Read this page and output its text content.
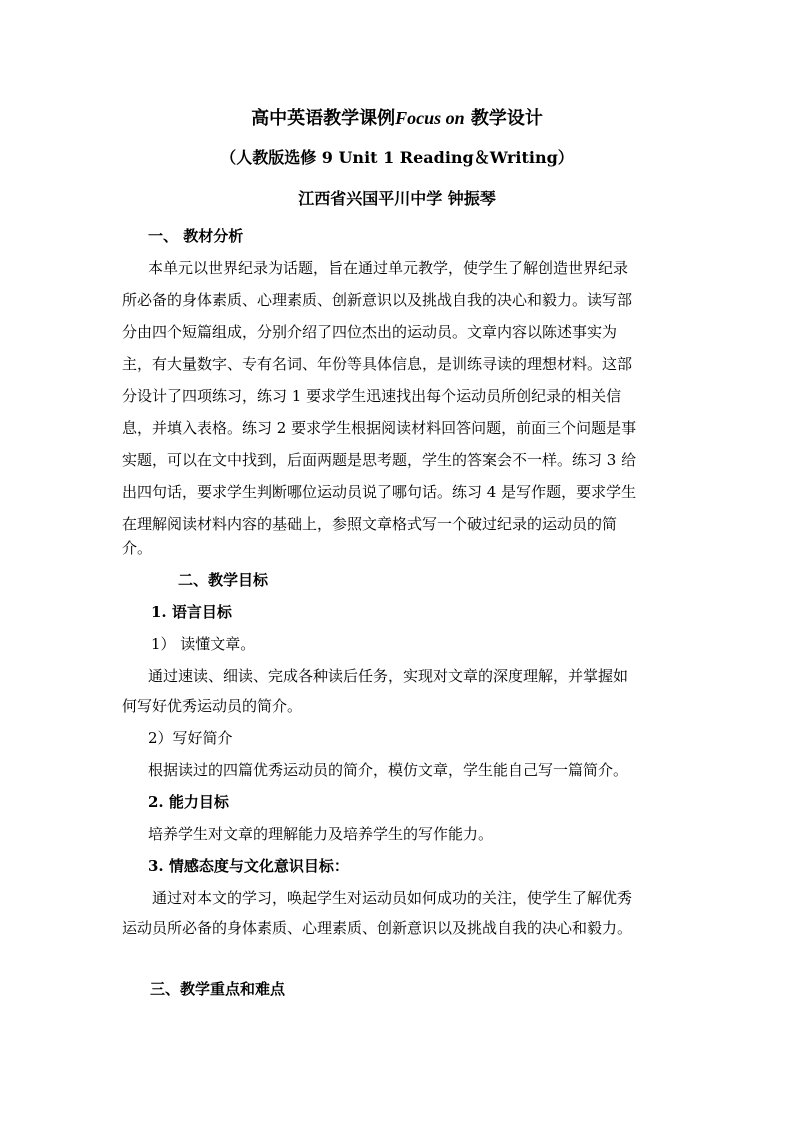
高中英语教学课例Focus on 教学设计
（人教版选修 9 Unit 1 Reading＆Writing）
江西省兴国平川中学 钟振琴
一、 教材分析
本单元以世界纪录为话题，旨在通过单元教学，使学生了解创造世界纪录
所必备的身体素质、心理素质、创新意识以及挑战自我的决心和毅力。读写部
分由四个短篇组成，分别介绍了四位杰出的运动员。文章内容以陈述事实为
主，有大量数字、专有名词、年份等具体信息，是训练寻读的理想材料。这部
分设计了四项练习，练习 1 要求学生迅速找出每个运动员所创纪录的相关信
息，并填入表格。练习 2 要求学生根据阅读材料回答问题，前面三个问题是事
实题，可以在文中找到，后面两题是思考题，学生的答案会不一样。练习 3 给
出四句话，要求学生判断哪位运动员说了哪句话。练习 4 是写作题，要求学生
在理解阅读材料内容的基础上，参照文章格式写一个破过纪录的运动员的简
介。
二、教学目标
1. 语言目标
1） 读懂文章。
通过速读、细读、完成各种读后任务，实现对文章的深度理解，并掌握如
何写好优秀运动员的简介。
2）写好简介
根据读过的四篇优秀运动员的简介，模仿文章，学生能自己写一篇简介。
2. 能力目标
培养学生对文章的理解能力及培养学生的写作能力。
3. 情感态度与文化意识目标：
通过对本文的学习，唤起学生对运动员如何成功的关注，使学生了解优秀
运动员所必备的身体素质、心理素质、创新意识以及挑战自我的决心和毅力。
三、教学重点和难点
